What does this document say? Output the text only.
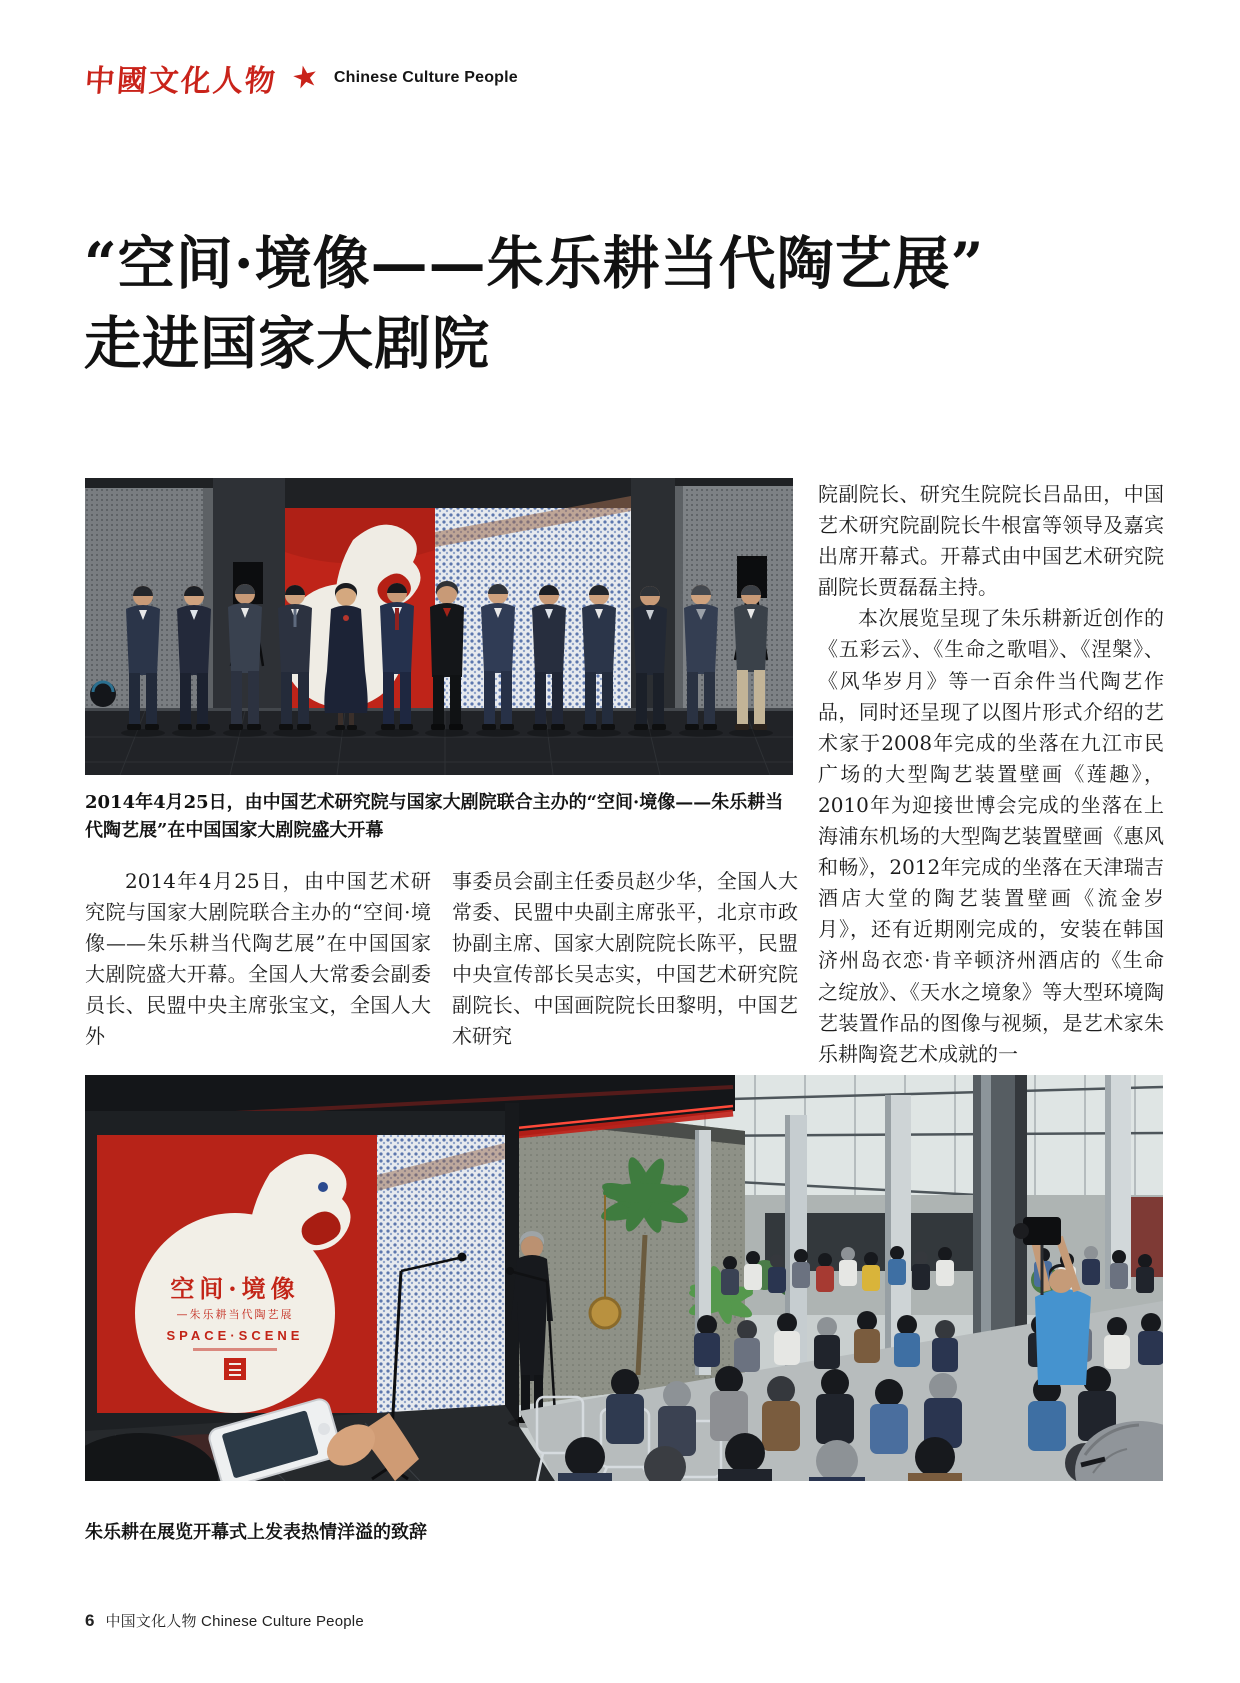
中國文化人物 ★ Chinese Culture People
“空间·境像——朱乐耕当代陶艺展”
走进国家大剧院
2014年4月25日，由中国艺术研究院与国家大剧院联合主办的“空间·境像——朱乐耕当代陶艺展”在中国国家大剧院盛大开幕

2014年4月25日，由中国艺术研究院与国家大剧院联合主办的“空间·境像——朱乐耕当代陶艺展”在中国国家大剧院盛大开幕。全国人大常委会副委员长、民盟中央主席张宝文，全国人大外

事委员会副主任委员赵少华，全国人大常委、民盟中央副主席张平，北京市政协副主席、国家大剧院院长陈平，民盟中央宣传部长吴志实，中国艺术研究院副院长、中国画院院长田黎明，中国艺术研究

院副院长、研究生院院长吕品田，中国艺术研究院副院长牛根富等领导及嘉宾出席开幕式。开幕式由中国艺术研究院副院长贾磊磊主持。

本次展览呈现了朱乐耕新近创作的《五彩云》、《生命之歌唱》、《涅槃》、《风华岁月》等一百余件当代陶艺作品，同时还呈现了以图片形式介绍的艺术家于2008年完成的坐落在九江市民广场的大型陶艺装置壁画《莲趣》，2010年为迎接世博会完成的坐落在上海浦东机场的大型陶艺装置壁画《惠风和畅》，2012年完成的坐落在天津瑞吉酒店大堂的陶艺装置壁画《流金岁月》，还有近期刚完成的，安装在韩国济州岛衣恋·肯辛顿济州酒店的《生命之绽放》、《天水之境象》等大型环境陶艺装置作品的图像与视频，是艺术家朱乐耕陶瓷艺术成就的一

空间·境像
—朱乐耕当代陶艺展
SPACE·SCENE
朱乐耕在展览开幕式上发表热情洋溢的致辞
6 中国文化人物 Chinese Culture People
